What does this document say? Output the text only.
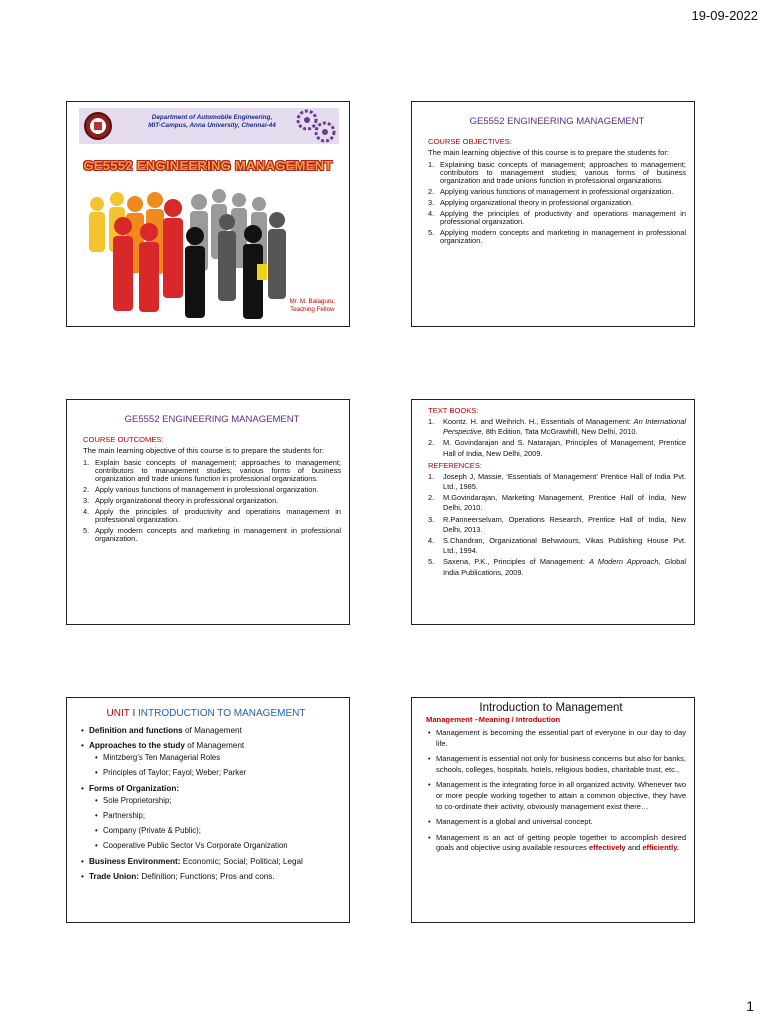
19-09-2022
Department of Automobile Engineering,
MIT-Campus, Anna University, Chennai-44
GE5552 ENGINEERING MANAGEMENT
Mr. M. Balaguru,
Teaching Fellow

GE5552 ENGINEERING MANAGEMENT

COURSE OBJECTIVES:

The main learning objective of this course is to prepare the students for:

1. Explaining basic concepts of management; approaches to management; contributors to management studies; various forms of business organization and trade unions function in professional organizations.
2. Applying various functions of management in professional organization.
3. Applying organizational theory in professional organization.
4. Applying the principles of productivity and operations management in professional organization.
5. Applying modern concepts and marketing in management in professional organization.

GE5552 ENGINEERING MANAGEMENT

COURSE OUTCOMES:

The main learning objective of this course is to prepare the students for:

1. Explain basic concepts of management; approaches to management; contributors to management studies; various forms of business organization and trade unions function in professional organizations.
2. Apply various functions of management in professional organization.
3. Apply organizational theory in professional organization.
4. Apply the principles of productivity and operations management in professional organization.
5. Apply modern concepts and marketing in management in professional organization.

TEXT BOOKS:

1. Koontz. H. and Weihrich. H., Essentials of Management: An International Perspective, 8th Edition, Tata McGrawhill, New Delhi, 2010.
2. M. Govindarajan and S. Natarajan, Principles of Management, Prentice Hall of India, New Delhi, 2009.

REFERENCES:

1. Joseph J, Massie, ‘Essentials of Management’ Prentice Hall of India Pvt. Ltd., 1985.
2. M.Govindarajan, Marketing Management, Prentice Hall of India, New Delhi, 2010.
3. R.Panneerselvam, Operations Research, Prentice Hall of India, New Delhi, 2013.
4. S.Chandran, Organizational Behaviours, Vikas Publishing House Pvt. Ltd., 1994.
5. Saxena, P.K., Principles of Management: A Modern Approach, Global India Publications, 2009.

UNIT I INTRODUCTION TO MANAGEMENT

• Definition and functions of Management
• Approaches to the study of Management
• Mintzberg’s Ten Managerial Roles
• Principles of Taylor; Fayol; Weber; Parker
• Forms of Organization:
• Sole Proprietorship;
• Partnership;
• Company (Private & Public);
• Cooperative Public Sector Vs Corporate Organization
• Business Environment: Economic; Social; Political; Legal
• Trade Union: Definition; Functions; Pros and cons.

Introduction to Management

Management –Meaning / Introduction

• Management is becoming the essential part of everyone in our day to day life.
• Management is essential not only for business concerns but also for banks, schools, colleges, hospitals, hotels, religious bodies, charitable trust, etc.,
• Management is the integrating force in all organized activity. Whenever two or more people working together to attain a common objective, they have to co-ordinate their activity, obviously management exist there…
• Management is a global and universal concept.
• Management is an act of getting people together to accomplish desired goals and objective using available resources effectively and efficiently.
1
